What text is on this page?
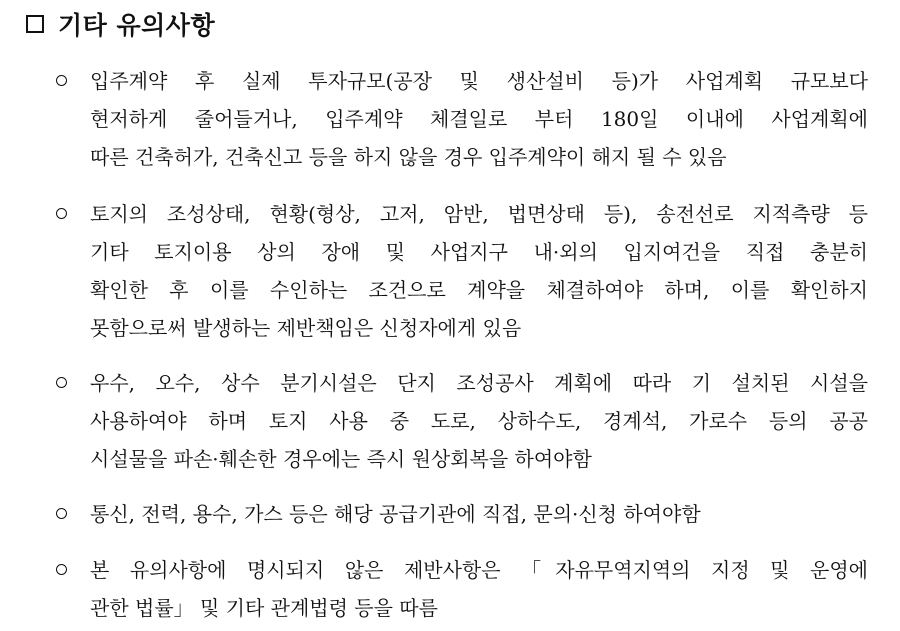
기타 유의사항
입주계약 후 실제 투자규모(공장 및 생산설비 등)가 사업계획 규모보다
현저하게 줄어들거나, 입주계약 체결일로 부터 180일 이내에 사업계획에
따른 건축허가, 건축신고 등을 하지 않을 경우 입주계약이 해지 될 수 있음
토지의 조성상태, 현황(형상, 고저, 암반, 법면상태 등), 송전선로 지적측량 등
기타 토지이용 상의 장애 및 사업지구 내·외의 입지여건을 직접 충분히
확인한 후 이를 수인하는 조건으로 계약을 체결하여야 하며, 이를 확인하지
못함으로써 발생하는 제반책임은 신청자에게 있음
우수, 오수, 상수 분기시설은 단지 조성공사 계획에 따라 기 설치된 시설을
사용하여야 하며 토지 사용 중 도로, 상하수도, 경계석, 가로수 등의 공공
시설물을 파손·훼손한 경우에는 즉시 원상회복을 하여야함
통신, 전력, 용수, 가스 등은 해당 공급기관에 직접, 문의·신청 하여야함
본 유의사항에 명시되지 않은 제반사항은 「자유무역지역의 지정 및 운영에
관한 법률」 및 기타 관계법령 등을 따름
